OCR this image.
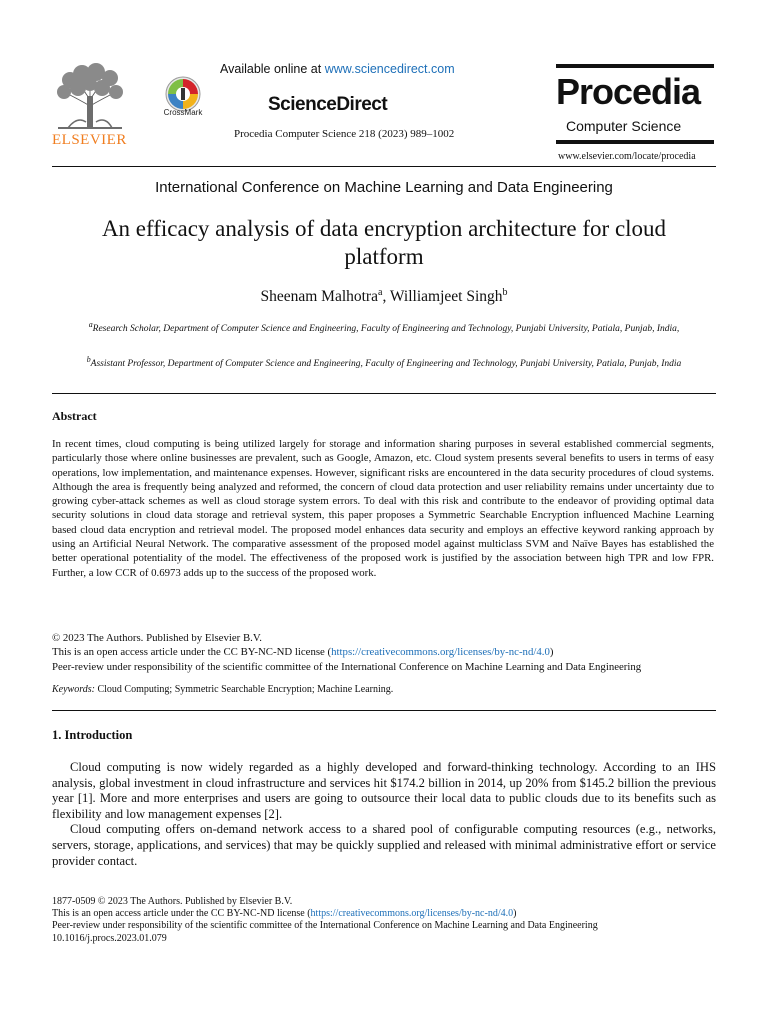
ELSEVIER
CrossMark
Available online at www.sciencedirect.com
ScienceDirect
Procedia Computer Science 218 (2023) 989–1002
Procedia
Computer Science
www.elsevier.com/locate/procedia
International Conference on Machine Learning and Data Engineering
An efficacy analysis of data encryption architecture for cloud platform
Sheenam Malhotra$^a$, Williamjeet Singh$^b$
$^a$Research Scholar, Department of Computer Science and Engineering, Faculty of Engineering and Technology, Punjabi University, Patiala, Punjab, India,
$^b$Assistant Professor, Department of Computer Science and Engineering, Faculty of Engineering and Technology, Punjabi University, Patiala, Punjab, India
Abstract
In recent times, cloud computing is being utilized largely for storage and information sharing purposes in several established commercial segments, particularly those where online businesses are prevalent, such as Google, Amazon, etc. Cloud system presents several benefits to users in terms of easy operations, low implementation, and maintenance expenses. However, significant risks are encountered in the data security procedures of cloud systems. Although the area is frequently being analyzed and reformed, the concern of cloud data protection and user reliability remains under uncertainty due to growing cyber-attack schemes as well as cloud storage system errors. To deal with this risk and contribute to the endeavor of providing optimal data security solutions in cloud data storage and retrieval system, this paper proposes a Symmetric Searchable Encryption influenced Machine Learning based cloud data encryption and retrieval model. The proposed model enhances data security and employs an effective keyword ranking approach by using an Artificial Neural Network. The comparative assessment of the proposed model against multiclass SVM and Naïve Bayes has established the better operational potentiality of the model. The effectiveness of the proposed work is justified by the association between high TPR and low FPR. Further, a low CCR of 0.6973 adds up to the success of the proposed work.
© 2023 The Authors. Published by Elsevier B.V.
This is an open access article under the CC BY-NC-ND license (https://creativecommons.org/licenses/by-nc-nd/4.0)
Peer-review under responsibility of the scientific committee of the International Conference on Machine Learning and Data Engineering
Keywords: Cloud Computing; Symmetric Searchable Encryption; Machine Learning.
1. Introduction

Cloud computing is now widely regarded as a highly developed and forward-thinking technology. According to an IHS analysis, global investment in cloud infrastructure and services hit $174.2 billion in 2014, up 20% from $145.2 billion the previous year [1]. More and more enterprises and users are going to outsource their local data to public clouds due to its benefits such as flexibility and low management expenses [2].

Cloud computing offers on-demand network access to a shared pool of configurable computing resources (e.g., networks, servers, storage, applications, and services) that may be quickly supplied and released with minimal administrative effort or service provider contact.

1877-0509 © 2023 The Authors. Published by Elsevier B.V.
This is an open access article under the CC BY-NC-ND license (https://creativecommons.org/licenses/by-nc-nd/4.0)
Peer-review under responsibility of the scientific committee of the International Conference on Machine Learning and Data Engineering
10.1016/j.procs.2023.01.079
